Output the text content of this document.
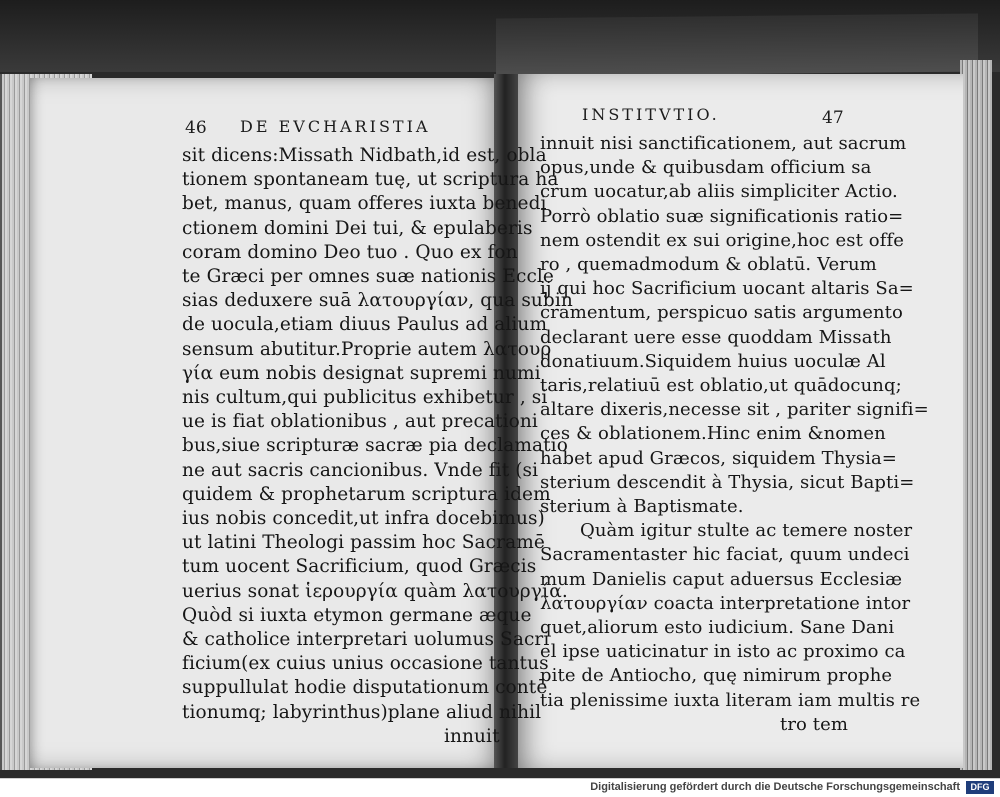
46 DE EVCHARISTIA
INSTITVTIO.	47
sit dicens:Missath Nidbath,id est, obla
tionem spontaneam tuę, ut scriptura ha
bet, manus, quam offeres iuxta benedi
ctionem domini Dei tui, & epulaberis
coram domino Deo tuo . Quo ex fon
te Græci per omnes suæ nationis Eccle
sias deduxere suā λατουργίαν, qua subin
de uocula,etiam diuus Paulus ad alium
sensum abutitur.Proprie autem λατουρ
γία eum nobis designat supremi numi
nis cultum,qui publicitus exhibetur , si
ue is fiat oblationibus , aut precationi
bus,siue scripturæ sacræ pia declamatio
ne aut sacris cancionibus. Vnde fit (si
quidem & prophetarum scriptura idem
ius nobis concedit,ut infra docebimus)
ut latini Theologi passim hoc Sacramē
tum uocent Sacrificium, quod Græcis
uerius sonat ἱερουργία quàm λατουργία.
Quòd si iuxta etymon germane æque
& catholice interpretari uolumus Sacri
ficium(ex cuius unius occasione tantus
suppullulat hodie disputationum contē
tionumq; labyrinthus)plane aliud nihil
innuit
innuit nisi sanctificationem, aut sacrum
opus,unde & quibusdam officium sa
crum uocatur,ab aliis simpliciter Actio.
Porrò oblatio suæ significationis ratio=
nem ostendit ex sui origine,hoc est offe
ro , quemadmodum & oblatū. Verum
ij qui hoc Sacrificium uocant altaris Sa=
cramentum, perspicuo satis argumento
declarant uere esse quoddam Missath
donatiuum.Siquidem huius uoculæ Al
taris,relatiuū est oblatio,ut quādocunq;
altare dixeris,necesse sit , pariter signifi=
ces & oblationem.Hinc enim &nomen
habet apud Græcos, siquidem Thysia=
sterium descendit à Thysia, sicut Bapti=
sterium à Baptismate.
Quàm igitur stulte ac temere noster
Sacramentaster hic faciat, quum undeci
mum Danielis caput aduersus Ecclesiæ
λατουργίαν coacta interpretatione intor
quet,aliorum esto iudicium. Sane Dani
el ipse uaticinatur in isto ac proximo ca
pite de Antiocho, quę nimirum prophe
tia plenissime iuxta literam iam multis re
tro tem
Digitalisierung gefördert durch die Deutsche Forschungsgemeinschaft	DFG
